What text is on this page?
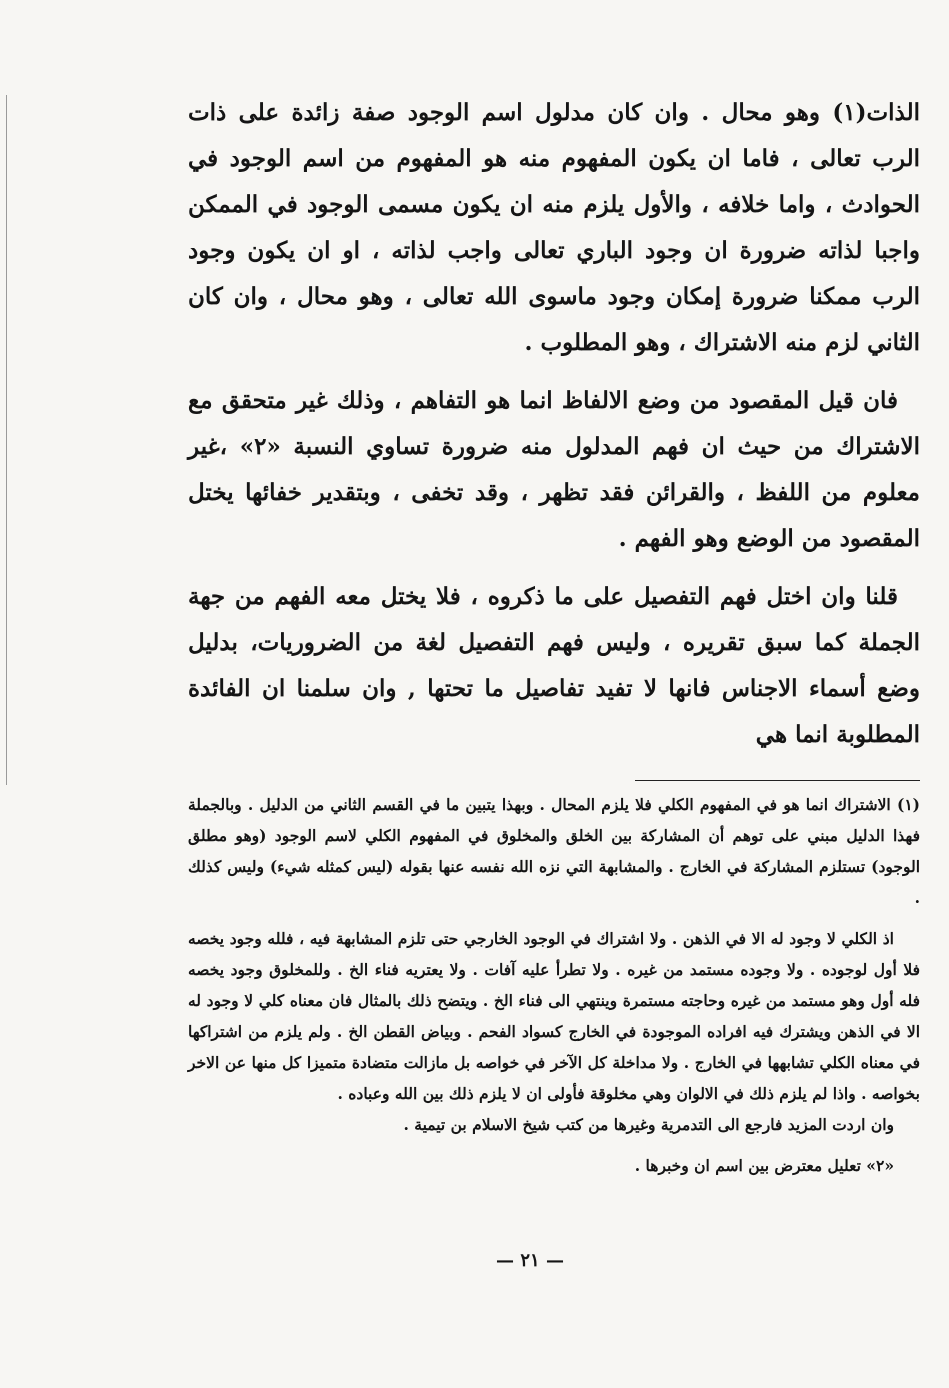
الذات(١) وهو محال . وان كان مدلول اسم الوجود صفة زائدة على ذات الرب تعالى ، فاما ان يكون المفهوم منه هو المفهوم من اسم الوجود في الحوادث ، واما خلافه ، والأول يلزم منه ان يكون مسمى الوجود في الممكن واجبا لذاته ضرورة ان وجود الباري تعالى واجب لذاته ، او ان يكون وجود الرب ممكنا ضرورة إمكان وجود ماسوى الله تعالى ، وهو محال ، وان كان الثاني لزم منه الاشتراك ، وهو المطلوب .

فان قيل المقصود من وضع الالفاظ انما هو التفاهم ، وذلك غير متحقق مع الاشتراك من حيث ان فهم المدلول منه ضرورة تساوي النسبة «٢» ،غير معلوم من اللفظ ، والقرائن فقد تظهر ، وقد تخفى ، وبتقدير خفائها يختل المقصود من الوضع وهو الفهم .

قلنا وان اختل فهم التفصيل على ما ذكروه ، فلا يختل معه الفهم من جهة الجملة كما سبق تقريره ، وليس فهم التفصيل لغة من الضروريات، بدليل وضع أسماء الاجناس فانها لا تفيد تفاصيل ما تحتها , وان سلمنا ان الفائدة المطلوبة انما هي

(١) الاشتراك انما هو في المفهوم الكلي فلا يلزم المحال . وبهذا يتبين ما في القسم الثاني من الدليل . وبالجملة فهذا الدليل مبني على توهم أن المشاركة بين الخلق والمخلوق في المفهوم الكلي لاسم الوجود (وهو مطلق الوجود) تستلزم المشاركة في الخارج . والمشابهة التي نزه الله نفسه عنها بقوله (ليس كمثله شيء) وليس كذلك .

اذ الكلي لا وجود له الا في الذهن . ولا اشتراك في الوجود الخارجي حتى تلزم المشابهة فيه ، فلله وجود يخصه فلا أول لوجوده . ولا وجوده مستمد من غيره . ولا تطرأ عليه آفات . ولا يعتريه فناء الخ . وللمخلوق وجود يخصه فله أول وهو مستمد من غيره وحاجته مستمرة وينتهي الى فناء الخ . ويتضح ذلك بالمثال فان معناه كلي لا وجود له الا في الذهن ويشترك فيه افراده الموجودة في الخارج كسواد الفحم . وبياض القطن الخ . ولم يلزم من اشتراكها في معناه الكلي تشابهها في الخارج . ولا مداخلة كل الآخر في خواصه بل مازالت متضادة متميزا كل منها عن الاخر بخواصه . واذا لم يلزم ذلك في الالوان وهي مخلوقة فأولى ان لا يلزم ذلك بين الله وعباده .

وان اردت المزيد فارجع الى التدمرية وغيرها من كتب شيخ الاسلام بن تيمية .

«٢» تعليل معترض بين اسم ان وخبرها .

— ٢١ —
